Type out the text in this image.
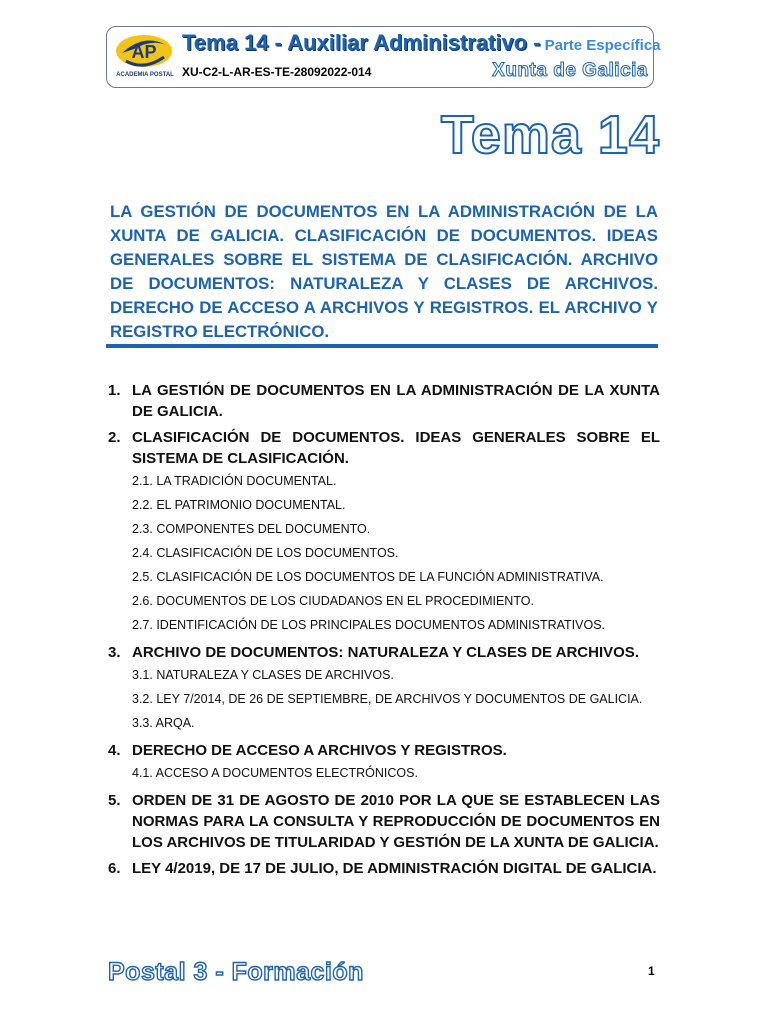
AP
ACADEMIA POSTAL
Tema 14 - Auxiliar Administrativo - Parte Específica
XU-C2-L-AR-ES-TE-28092022-014	Xunta de Galicia
Tema 14
LA GESTIÓN DE DOCUMENTOS EN LA ADMINISTRACIÓN DE LA XUNTA DE GALICIA. CLASIFICACIÓN DE DOCUMENTOS. IDEAS GENERALES SOBRE EL SISTEMA DE CLASIFICACIÓN. ARCHIVO DE DOCUMENTOS: NATURALEZA Y CLASES DE ARCHIVOS. DERECHO DE ACCESO A ARCHIVOS Y REGISTROS. EL ARCHIVO Y REGISTRO ELECTRÓNICO.
1. LA GESTIÓN DE DOCUMENTOS EN LA ADMINISTRACIÓN DE LA XUNTA DE GALICIA.
2. CLASIFICACIÓN DE DOCUMENTOS. IDEAS GENERALES SOBRE EL SISTEMA DE CLASIFICACIÓN.
2.1. LA TRADICIÓN DOCUMENTAL.
2.2. EL PATRIMONIO DOCUMENTAL.
2.3. COMPONENTES DEL DOCUMENTO.
2.4. CLASIFICACIÓN DE LOS DOCUMENTOS.
2.5. CLASIFICACIÓN DE LOS DOCUMENTOS DE LA FUNCIÓN ADMINISTRATIVA.
2.6. DOCUMENTOS DE LOS CIUDADANOS EN EL PROCEDIMIENTO.
2.7. IDENTIFICACIÓN DE LOS PRINCIPALES DOCUMENTOS ADMINISTRATIVOS.
3. ARCHIVO DE DOCUMENTOS: NATURALEZA Y CLASES DE ARCHIVOS.
3.1. NATURALEZA Y CLASES DE ARCHIVOS.
3.2. LEY 7/2014, DE 26 DE SEPTIEMBRE, DE ARCHIVOS Y DOCUMENTOS DE GALICIA.
3.3. ARQA.
4. DERECHO DE ACCESO A ARCHIVOS Y REGISTROS.
4.1. ACCESO A DOCUMENTOS ELECTRÓNICOS.
5. ORDEN DE 31 DE AGOSTO DE 2010 POR LA QUE SE ESTABLECEN LAS NORMAS PARA LA CONSULTA Y REPRODUCCIÓN DE DOCUMENTOS EN LOS ARCHIVOS DE TITULARIDAD Y GESTIÓN DE LA XUNTA DE GALICIA.
6. LEY 4/2019, DE 17 DE JULIO, DE ADMINISTRACIÓN DIGITAL DE GALICIA.
Postal 3 - Formación	1
